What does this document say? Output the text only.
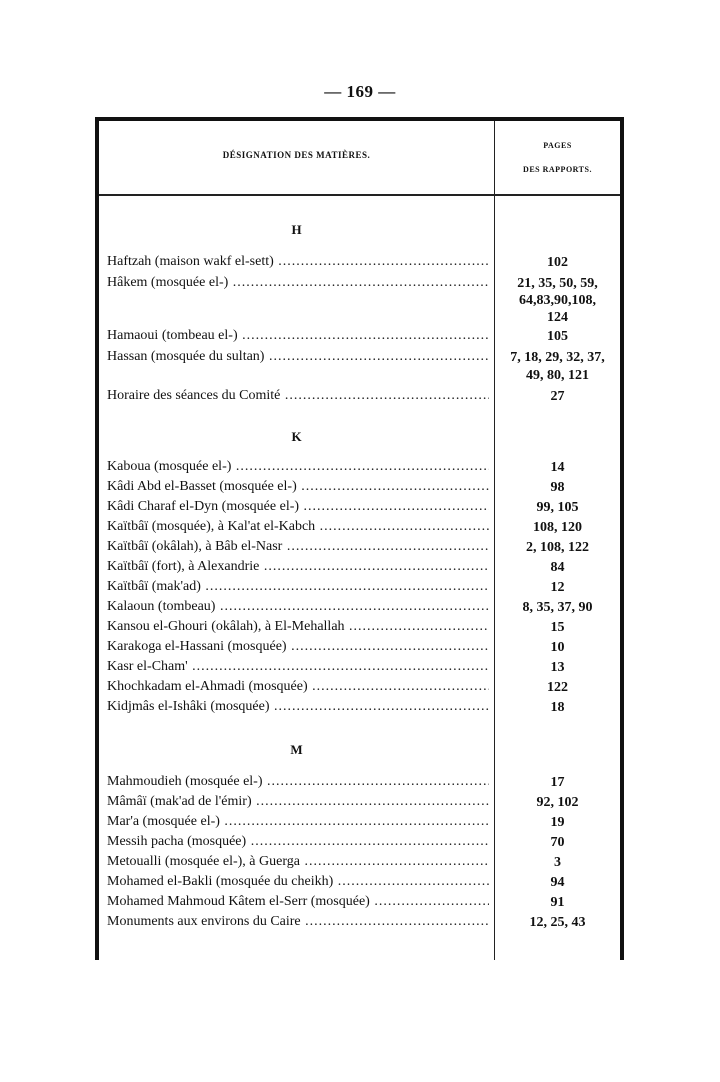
— 169 —
DÉSIGNATION DES MATIÈRES.
PAGES
DES RAPPORTS.
H
Haftzah (maison wakf el-sett) .....	102
Hâkem (mosquée el-) .....	21, 35, 50, 59,
64,83,90,108,
124
Hamaoui (tombeau el-) .....	105
Hassan (mosquée du sultan) .....	7, 18, 29, 32, 37,
49, 80, 121
Horaire des séances du Comité .....	27
K
Kaboua (mosquée el-) .....	14
Kâdi Abd el-Basset (mosquée el-) .....	98
Kâdi Charaf el-Dyn (mosquée el-) .....	99, 105
Kaïtbâï (mosquée), à Kal'at el-Kabch .....	108, 120
Kaïtbâï (okâlah), à Bâb el-Nasr .....	2, 108, 122
Kaïtbâï (fort), à Alexandrie .....	84
Kaïtbâï (mak'ad) .....	12
Kalaoun (tombeau) .....	8, 35, 37, 90
Kansou el-Ghouri (okâlah), à El-Mehallah .....	15
Karakoga el-Hassani (mosquée) .....	10
Kasr el-Cham' .....	13
Khochkadam el-Ahmadi (mosquée) .....	122
Kidjmâs el-Ishâki (mosquée) .....	18
M
Mahmoudieh (mosquée el-) .....	17
Mâmâï (mak'ad de l'émir) .....	92, 102
Mar'a (mosquée el-) .....	19
Messih pacha (mosquée) .....	70
Metoualli (mosquée el-), à Guerga .....	3
Mohamed el-Bakli (mosquée du cheikh) .....	94
Mohamed Mahmoud Kâtem el-Serr (mosquée) .....	91
Monuments aux environs du Caire .....	12, 25, 43
